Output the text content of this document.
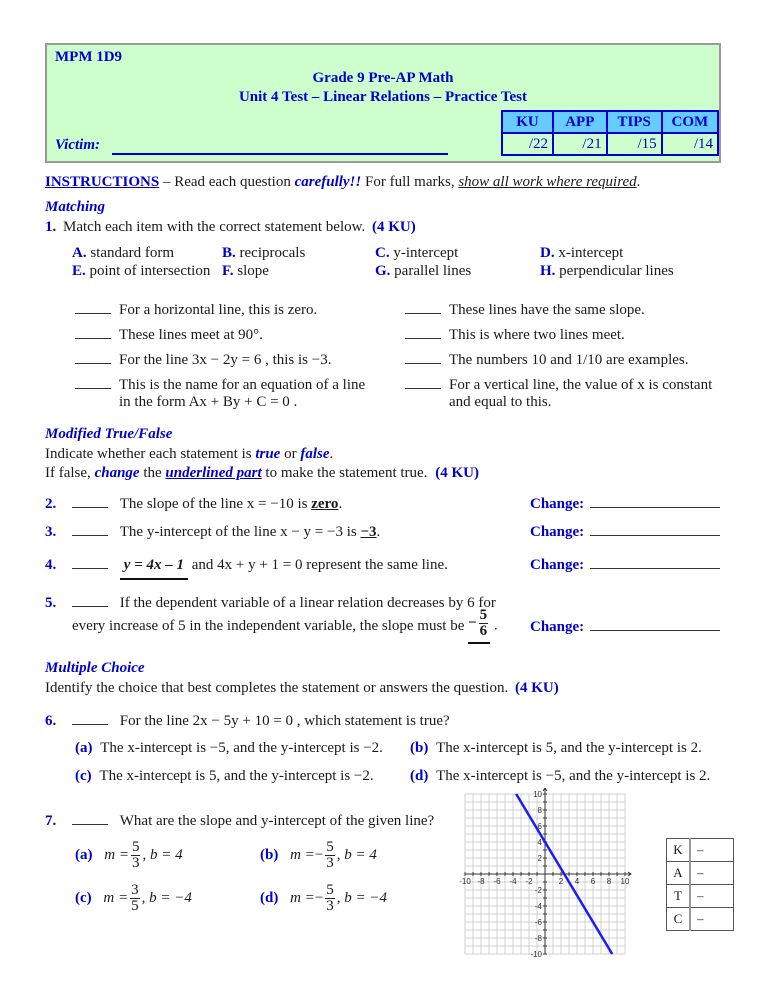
MPM 1D9
Grade 9 Pre-AP Math
Unit 4 Test – Linear Relations – Practice Test
Victim:
KU	APP	TIPS	COM
/22	/21	/15	/14
INSTRUCTIONS – Read each question carefully!! For full marks, show all work where required.
Matching
1. Match each item with the correct statement below. (4 KU)
A. standard form	B. reciprocals	C. y-intercept	D. x-intercept
E. point of intersection F. slope	G. parallel lines	H. perpendicular lines
For a horizontal line, this is zero.
These lines meet at 90°.
For the line 3x − 2y = 6 , this is −3.
This is the name for an equation of a line
in the form Ax + By + C = 0 .
These lines have the same slope.
This is where two lines meet.
The numbers 10 and 1/10 are examples.
For a vertical line, the value of x is constant
and equal to this.
Modified True/False
Indicate whether each statement is true or false.
If false, change the underlined part to make the statement true. (4 KU)
2.	The slope of the line x = −10 is zero.	Change:
3.	The y-intercept of the line x − y = −3 is −3.	Change:
4.	y = 4x – 1 and 4x + y + 1 = 0 represent the same line.	Change:
5.	If the dependent variable of a linear relation decreases by 6 for
every increase of 5 in the independent variable, the slope must be − $\frac{5}{6}$ . Change:
Multiple Choice
Identify the choice that best completes the statement or answers the question. (4 KU)
6.	For the line 2x − 5y + 10 = 0 , which statement is true?
(a) The x-intercept is −5, and the y-intercept is −2. (b) The x-intercept is 5, and the y-intercept is 2.
(c) The x-intercept is 5, and the y-intercept is −2. (d) The x-intercept is −5, and the y-intercept is 2.
7.	What are the slope and y-intercept of the given line?
(a) $m = \frac{5}{3}$ , b = 4	(b) $m =- \frac{5}{3}$ , b = 4
(c) $m = \frac{3}{5}$ , b = −4	(d) $m =- \frac{5}{3}$ , b = −4
-10 -8 -6 -4 -2	2 4 6 8 10
10
8
6
4
2
-2
-4
-6
-8
-10
K	–
A	–
T	–
C	–
